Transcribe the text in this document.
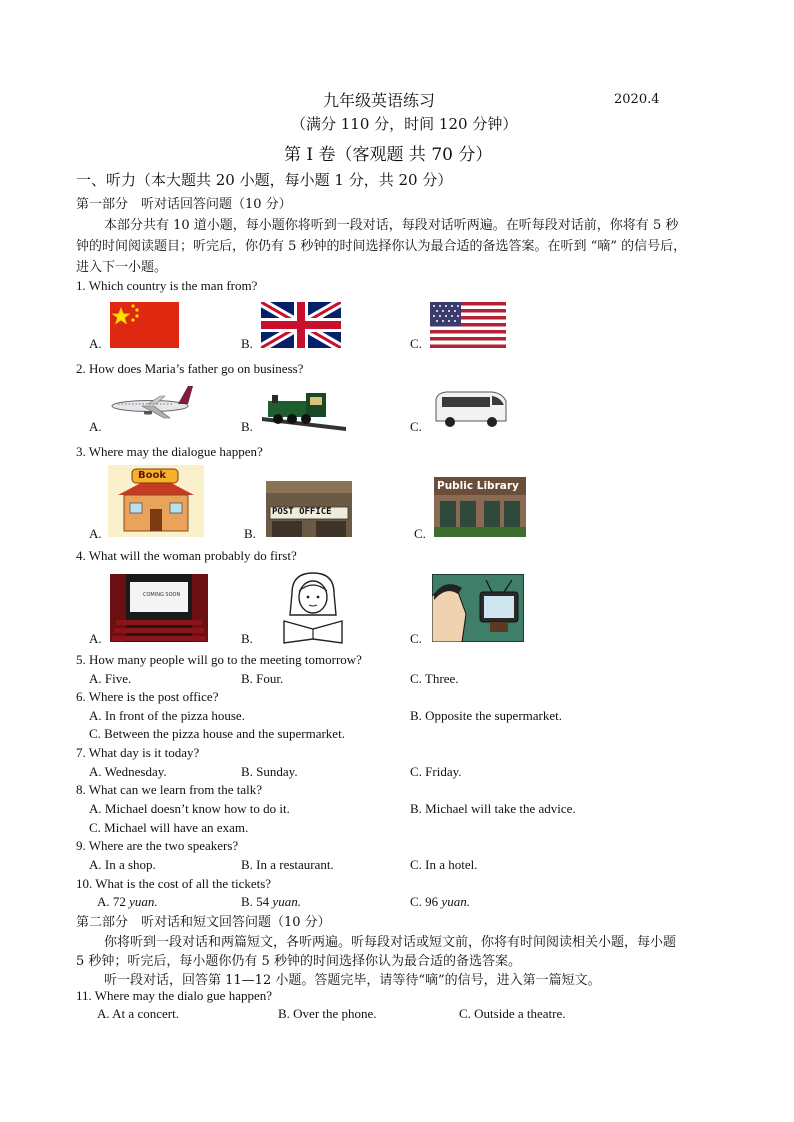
九年级英语练习	2020.4
（满分 110 分，时间 120 分钟）
第 I 卷（客观题 共 70 分）
一、听力（本大题共 20 小题，每小题 1 分，共 20 分）
第一部分　听对话回答问题（10 分）
本部分共有 10 道小题，每小题你将听到一段对话，每段对话听两遍。在听每段对话前，你将有 5 秒
钟的时间阅读题目；听完后，你仍有 5 秒钟的时间选择你认为最合适的备选答案。在听到 “嘀” 的信号后，
进入下一小题。
1. Which country is the man from?
A.	B.	C.
2. How does Maria’s father go on business?
A.	B.	C.
3. Where may the dialogue happen?
A.
Book
B.
POST OFFICE
C.
Public Library
4. What will the woman probably do first?
A.
COMING SOON
B.	C.
5. How many people will go to the meeting tomorrow?
A. Five.	B. Four.	C. Three.
6. Where is the post office?
A. In front of the pizza house.	B. Opposite the supermarket.
C. Between the pizza house and the supermarket.
7. What day is it today?
A. Wednesday.	B. Sunday.	C. Friday.
8. What can we learn from the talk?
A. Michael doesn’t know how to do it.	B. Michael will take the advice.
C. Michael will have an exam.
9. Where are the two speakers?
A. In a shop.	B. In a restaurant.	C. In a hotel.
10. What is the cost of all the tickets?
A. 72 yuan.	B. 54 yuan.	C. 96 yuan.
第二部分　听对话和短文回答问题（10 分）
你将听到一段对话和两篇短文，各听两遍。听每段对话或短文前，你将有时间阅读相关小题，每小题
5 秒钟；听完后，每小题你仍有 5 秒钟的时间选择你认为最合适的备选答案。
听一段对话，回答第 11—12 小题。答题完毕，请等待“嘀”的信号，进入第一篇短文。
11. Where may the dialo gue happen?
A. At a concert.	B. Over the phone.	C. Outside a theatre.
